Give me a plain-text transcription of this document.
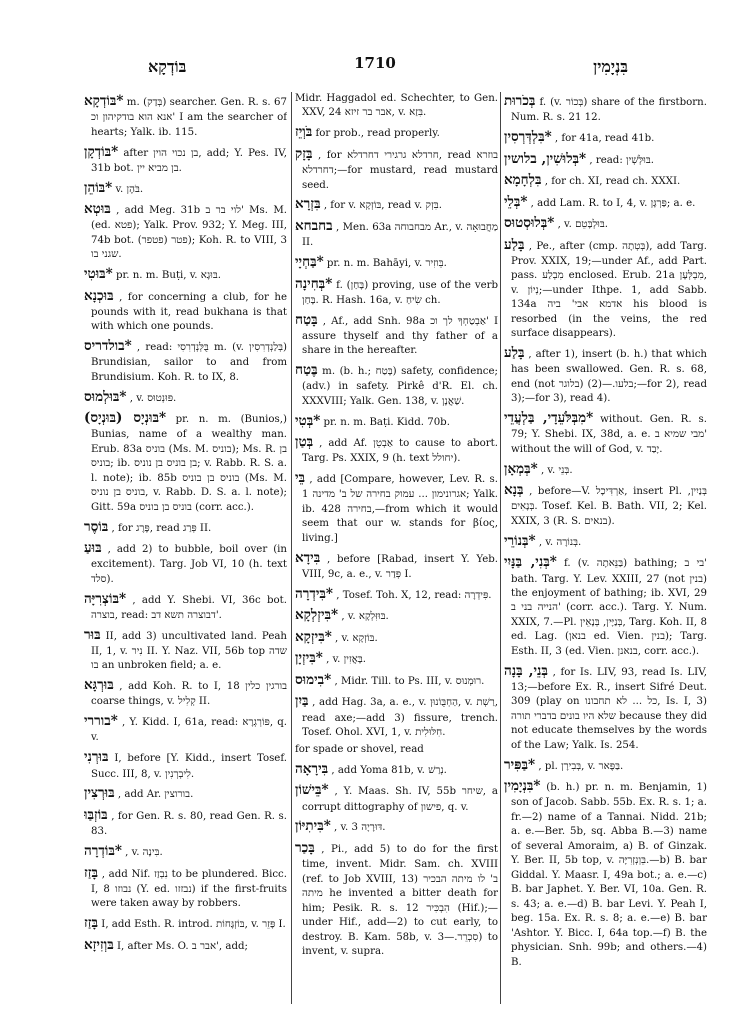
בּוֹדְקָא	1710	בִּנְיָמִין

*בּוֹדְקָא m. (בְּדַק) searcher. Gen. R. s. 67 אנא הוא בודקיהון וכ' I am the searcher of hearts; Yalk. ib. 115.

*בּוֹדְקָן after בן נכוי הוין, add; Y. Pes. IV, 31b bot. בן מביא יין.

*בּוֹהֵן v. בֹּהֶן.

בּוּטְא , add Meg. 31b לוי בר ב' Ms. M. (ed. פטא); Yalk. Prov. 932; Y. Meg. III, 74b bot. (פטפר) פטר); Koh. R. to VIII, 3 שגני בו.

*בּוּטִי pr. n. m. Buṭi, v. בּוּגָא.

בּוּכְנָא , for concerning a club, for he pounds with it, read bukhana is that with which one pounds.

*בולדריס , read: בֻּלְּנְדְרִסִי m. (v. בְּלַנְדְרִסִין) Brundisian, sailor to and from Brundisium. Koh. R. to IX, 8.

*בּוּלְמוּס , v. פּוּנְטוּס.

*בּוּנְיָס (בּוּנְיָס) pr. n. m. (Bunios,) Bunias, name of a wealthy man. Erub. 83a בוניס (Ms. M. בוניס); Ms. R. בן בוניס; ib. בן בוניס בן נוניס; v. Rabb. R. S. a. l. note); ib. 85b בוניס בן בוניס (Ms. M. בוניס בן נוניס, v. Rabb. D. S. a. l. note); Gitt. 59a בוניס בן בוניס (corr. acc.).

בּוֹסֶר , for פֶּרֶג, read פְּרַג II.

בּוּעַ , add 2) to bubble, boil over (in excitement). Targ. Job VI, 10 (h. text סלד).

*בּוֹצְרִיָּה , add Y. Shebi. VI, 36c bot. בוצרה, read: דבוצרה תשא דב'.

בּוּר II, add 3) uncultivated land. Peah II, 1, v. נִיר II. Y. Naz. VII, 56b top שדה בו an unbroken field; a. e.

בּוּרְגָּא , add Koh. R. to I, 18 בורגין כלין coarse things, v. קְלִיל II.

*בוררי , Y. Kidd. I, 61a, read: פּוֹרְגְרָא, q. v.

בּוּרְנִי I, before [Y. Kidd., insert Tosef. Succ. III, 8, v. לִיבְרְנִין.

בּוּרְצִין , add Ar. בורוצין.

בּוֹזְבַּוּ , for Gen. R. s. 80, read Gen. R. s. 83.

*בּוֹדְרָה , v. בִּינָה.

בָּזַז , add Nif. נִבְזַז to be plundered. Bicc. I, 8 נבוזו (Y. ed. נבזזו) if the first-fruits were taken away by robbers.

בָּזַז I, add Esth. R. introd. בּוֹזְגָּחוֹת, v. פָּזֵר I.

בּוְזִיזָא I, after Ms. O. אבר ב', add;

Midr. Haggadol ed. Schechter, to Gen. XXV, 24 אבר בר זיזא, v. בִּזַא.

בֹּוְיֵז for prob., read properly.

בָּזָק , for חרדלא גרגירי דחרדלא, read בוזרא דחרדלא;—for mustard, read mustard seed.

בִּזְרָא , for v. בּוֹזְקָא, read v. בִּזְק.

בחבחא , Men. 63a מבחבוחה Ar., v. מַחֲבוּאָה II.

*בַּחְיָי pr. n. m. Bahāyi, v. בֵּוזִיר.

*בְּחִינָה f. (בָּחַן) proving, use of the verb בָּחַן. R. Hash. 16a, v. שִׂיחַ ch.

בָּטַח , Af., add Snh. 98a אַבְטַחְךָ לך וכ' I assure thyself and thy father of a share in the hereafter.

בֶּטַח m. (b. h.; בָּטַח) safety, confidence; (adv.) in safety. Pirkê d'R. El. ch. XXXVIII; Yalk. Gen. 138, v. שַׁאֲנָן.

*בְּטִי pr. n. m. Baṭi. Kidd. 70b.

בְּטַן , add Af. אַבְטֵן to cause to abort. Targ. Ps. XXIX, 9 (h. text יחולל).

בֵּי , add [Compare, however, Lev. R. s. 1 אגרונימון ... עמוק בחירה של ב' מדינה; Yalk. ib. 428 בחירה,—from which it would seem that our w. stands for βίος, living.]

בִּידָא , before [Rabad, insert Y. Yeb. VIII, 9c, a. e., v. פְּדַר I.

*בִּידְרָה , Tosef. Toh. X, 12, read: פִּידְרָה.

*בִּיזְלְקָא , v. בּוּזִּלְקָא.

*בִּיזְקָא , v. בּוֹזְקָא.

*בִּיזְיָן , v. בָּאֲזִין.

*בִימוּס , Midr. Till. to Ps. III, v. רוּמְנוּס.

בַּיִן , add Hag. 3a, a. e., v. הַחְבֻּוֹנוּן, v. רַשְׁת, read axe;—add 3) fissure, trench. Tosef. Ohol. XVI, 1, v. חִלּוּלִית.

for spade or shovel, read

בִּירָאָה , add Yoma 81b, v. נְרַשׁ.

*בֵּישׁוֹן , Y. Maas. Sh. IV, 55b שיחר, a corrupt dittography of פישון, q. v.

*בִּיתִיּוֹן , v. דּוּרָיָה 3.

בָּכַר , Pi., add 5) to do for the first time, invent. Midr. Sam. ch. XVIII (ref. to Job XVIII, 13) ב' לו מיתה הבכיר מיתה he invented a bitter death for him; Pesik. R. s. 12 הִבְכִּיר (Hif.);—under Hif., add—2) to cut early, to destroy. B. Kam. 58b, v. סִכְרֵר.—3) to invent, v. supra.

בְּכֹרוּת f. (v. בְּכוֹר) share of the firstborn. Num. R. s. 21 12.

*בִּלְדְּרְסִין , for 41a, read 41b.

*בְּלוּשִׁין, בלושין , read: בּוּלְּשְׁין.

בִּלְחָמָא , for ch. XI, read ch. XXXI.

*בְּלֵי , add Lam. R. to I, 4, v. פַּרְגָּן; a. e.

*בְּלוּסְטוּס , v. בּוּלְבָּטֵם.

בָּלַע , Pe., after (cmp. בְּטְתָה), add Targ. Prov. XXIX, 19;—under Af., add Part. pass. מִבְלַע enclosed. Erub. 21a מִבְלְּעָן, v. נְיוֹן;—under Ithpe. 1, add Sabb. 134a אדמא אבי' ביה his blood is resorbed (in the veins, the red surface disappears).

בָּלַע , after 1), insert (b. h.) that which has been swallowed. Gen. R. s. 68, end (not בלוגר) בלעו.—(2);—for 2), read 3);—for 3), read 4).

*מִבְּלֹּעֵדָי, בַּלְעֲדֵי without. Gen. R. s. 79; Y. Shebi. IX, 38d, a. e. מבי שמיא ב' without the will of God, v. יָבַד.

*בְּמְאָן , v. בְּנֵי.

בְּנָא , before—V. אַרְדִּיכָל, insert Pl. בְּנַיִין, בְּנָאִים. Tosef. Kel. B. Bath. VII, 2; Kel. XXIX, 3 (R. S. בנאים).

*בְּנוֹרֵי , v. בְּנוֹרָה.

*בְּנִי, בַּנָּיִי f. (v. בַּנֵּאתָה) bathing; בי ב' bath. Targ. Y. Lev. XXIII, 27 (not בנין) the enjoyment of bathing; ib. XVI, 29 הנייה בני ב' (corr. acc.). Targ. Y. Num. XXIX, 7.—Pl. בְּנַיָּין, בְּנָאֵין, Targ. Koh. II, 8 ed. Lag. (בנאן ed. Vien. בנין); Targ. Esth. II, 3 (ed. Vien. בנאנן, corr. acc.).

בְּנֵי, בָּנָה , for Is. LIV, 93, read Is. LIV, 13;—before Ex. R., insert Sifré Deut. 309 (play on כל ... לא תחבונו, Is. I, 3) שלא היו בונים בדברי תורה because they did not educate themselves by the words of the Law; Yalk. Is. 254.

*בַּפִּיר , pl. בְּבִירָן, v. בַּפֶּאר.

*בִּנְיָמִין (b. h.) pr. n. m. Benjamin, 1) son of Jacob. Sabb. 55b. Ex. R. s. 1; a. fr.—2) name of a Tannai. Nidd. 21b; a. e.—Ber. 5b, sq. Abba B.—3) name of several Amoraim, a) B. of Ginzak. Y. Ber. II, 5b top, v. בֵּוְנְזְרִיָּה.—b) B. bar Giddal. Y. Maasr. I, 49a bot.; a. e.—c) B. bar Japhet. Y. Ber. VI, 10a. Gen. R. s. 43; a. e.—d) B. bar Levi. Y. Peah I, beg. 15a. Ex. R. s. 8; a. e.—e) B. bar 'Ashtor. Y. Bicc. I, 64a top.—f) B. the physician. Snh. 99b; and others.—4) B.
